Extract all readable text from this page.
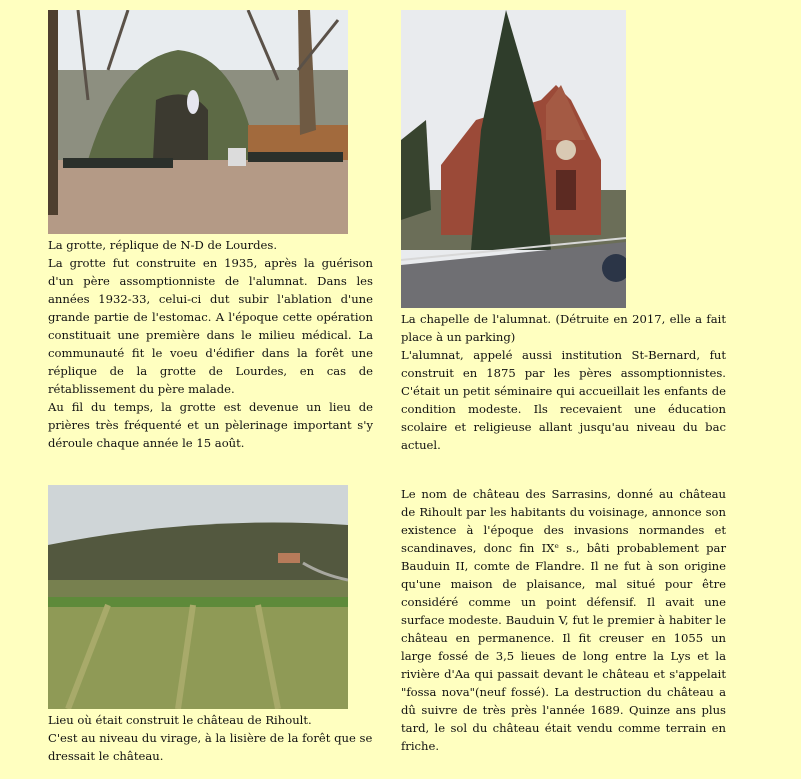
La grotte, réplique de N-D de Lourdes.

La grotte fut construite en 1935, après la guérison d'un père assomptionniste de l'alumnat. Dans les années 1932-33, celui-ci dut subir l'ablation d'une grande partie de l'estomac. A l'époque cette opération constituait une première dans le milieu médical. La communauté fit le voeu d'édifier dans la forêt une réplique de la grotte de Lourdes, en cas de rétablissement du père malade.

Au fil du temps, la grotte est devenue un lieu de prières très fréquenté et un pèlerinage important s'y déroule chaque année le 15 août.

La chapelle de l'alumnat. (Détruite en 2017, elle a fait place à un parking)

L'alumnat, appelé aussi institution St-Bernard, fut construit en 1875 par les pères assomptionnistes. C'était un petit séminaire qui accueillait les enfants de condition modeste. Ils recevaient une éducation scolaire et religieuse allant jusqu'au niveau du bac actuel.

Lieu où était construit le château de Rihoult.

C'est au niveau du virage, à la lisière de la forêt que se dressait le château.

Le nom de château des Sarrasins, donné au château de Rihoult par les habitants du voisinage, annonce son existence à l'époque des invasions normandes et scandinaves, donc fin IXᵉ s., bâti probablement par Bauduin II, comte de Flandre. Il ne fut à son origine qu'une maison de plaisance, mal situé pour être considéré comme un point défensif. Il avait une surface modeste. Bauduin V, fut le premier à habiter le château en permanence. Il fit creuser en 1055 un large fossé de 3,5 lieues de long entre la Lys et la rivière d'Aa qui passait devant le château et s'appelait "fossa nova"(neuf fossé). La destruction du château a dû suivre de très près l'année 1689. Quinze ans plus tard, le sol du château était vendu comme terrain en friche.
